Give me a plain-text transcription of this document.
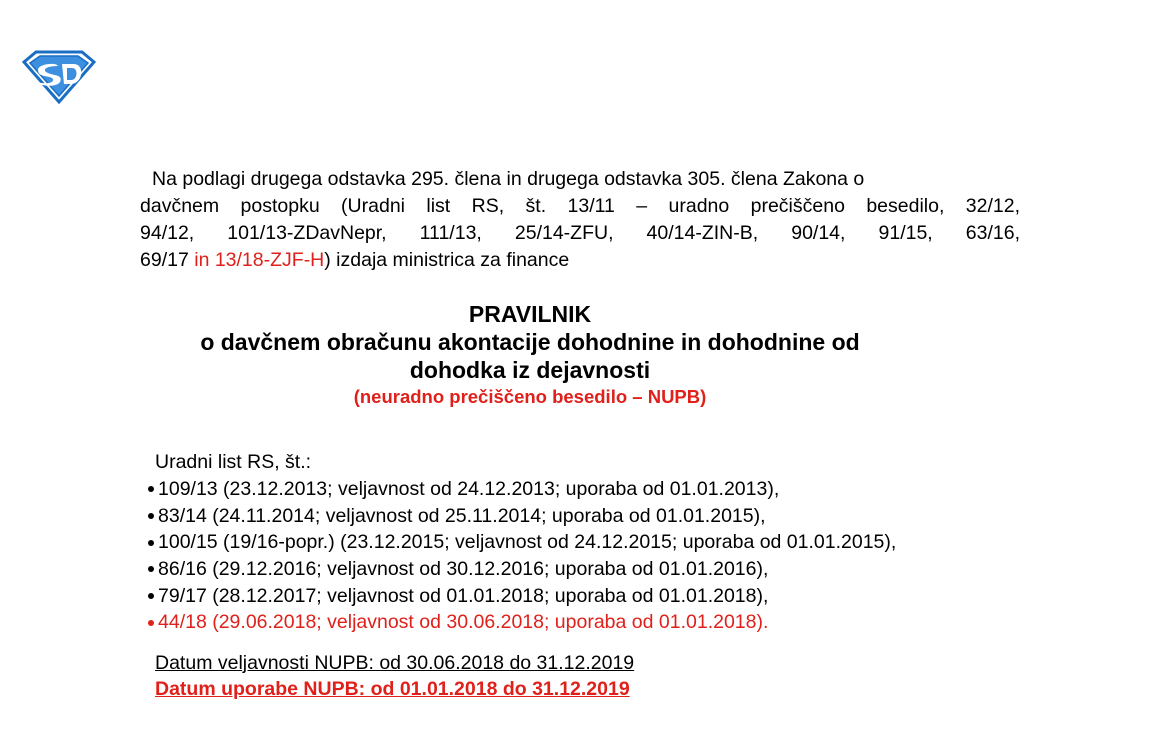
Na podlagi drugega odstavka 295. člena in drugega odstavka 305. člena Zakona o
davčnem postopku (Uradni list RS, št. 13/11 – uradno prečiščeno besedilo, 32/12,
94/12, 101/13-ZDavNepr, 111/13, 25/14-ZFU, 40/14-ZIN-B, 90/14, 91/15, 63/16,
69/17 in 13/18-ZJF-H) izdaja ministrica za finance
PRAVILNIK
o davčnem obračunu akontacije dohodnine in dohodnine od
dohodka iz dejavnosti
(neuradno prečiščeno besedilo – NUPB)
Uradni list RS, št.:
109/13 (23.12.2013; veljavnost od 24.12.2013; uporaba od 01.01.2013),
83/14 (24.11.2014; veljavnost od 25.11.2014; uporaba od 01.01.2015),
100/15 (19/16-popr.) (23.12.2015; veljavnost od 24.12.2015; uporaba od 01.01.2015),
86/16 (29.12.2016; veljavnost od 30.12.2016; uporaba od 01.01.2016),
79/17 (28.12.2017; veljavnost od 01.01.2018; uporaba od 01.01.2018),
44/18 (29.06.2018; veljavnost od 30.06.2018; uporaba od 01.01.2018) .
Datum veljavnosti NUPB: od 30.06.2018 do 31.12.2019
Datum uporabe NUPB: od 01.01.2018 do 31.12.2019
